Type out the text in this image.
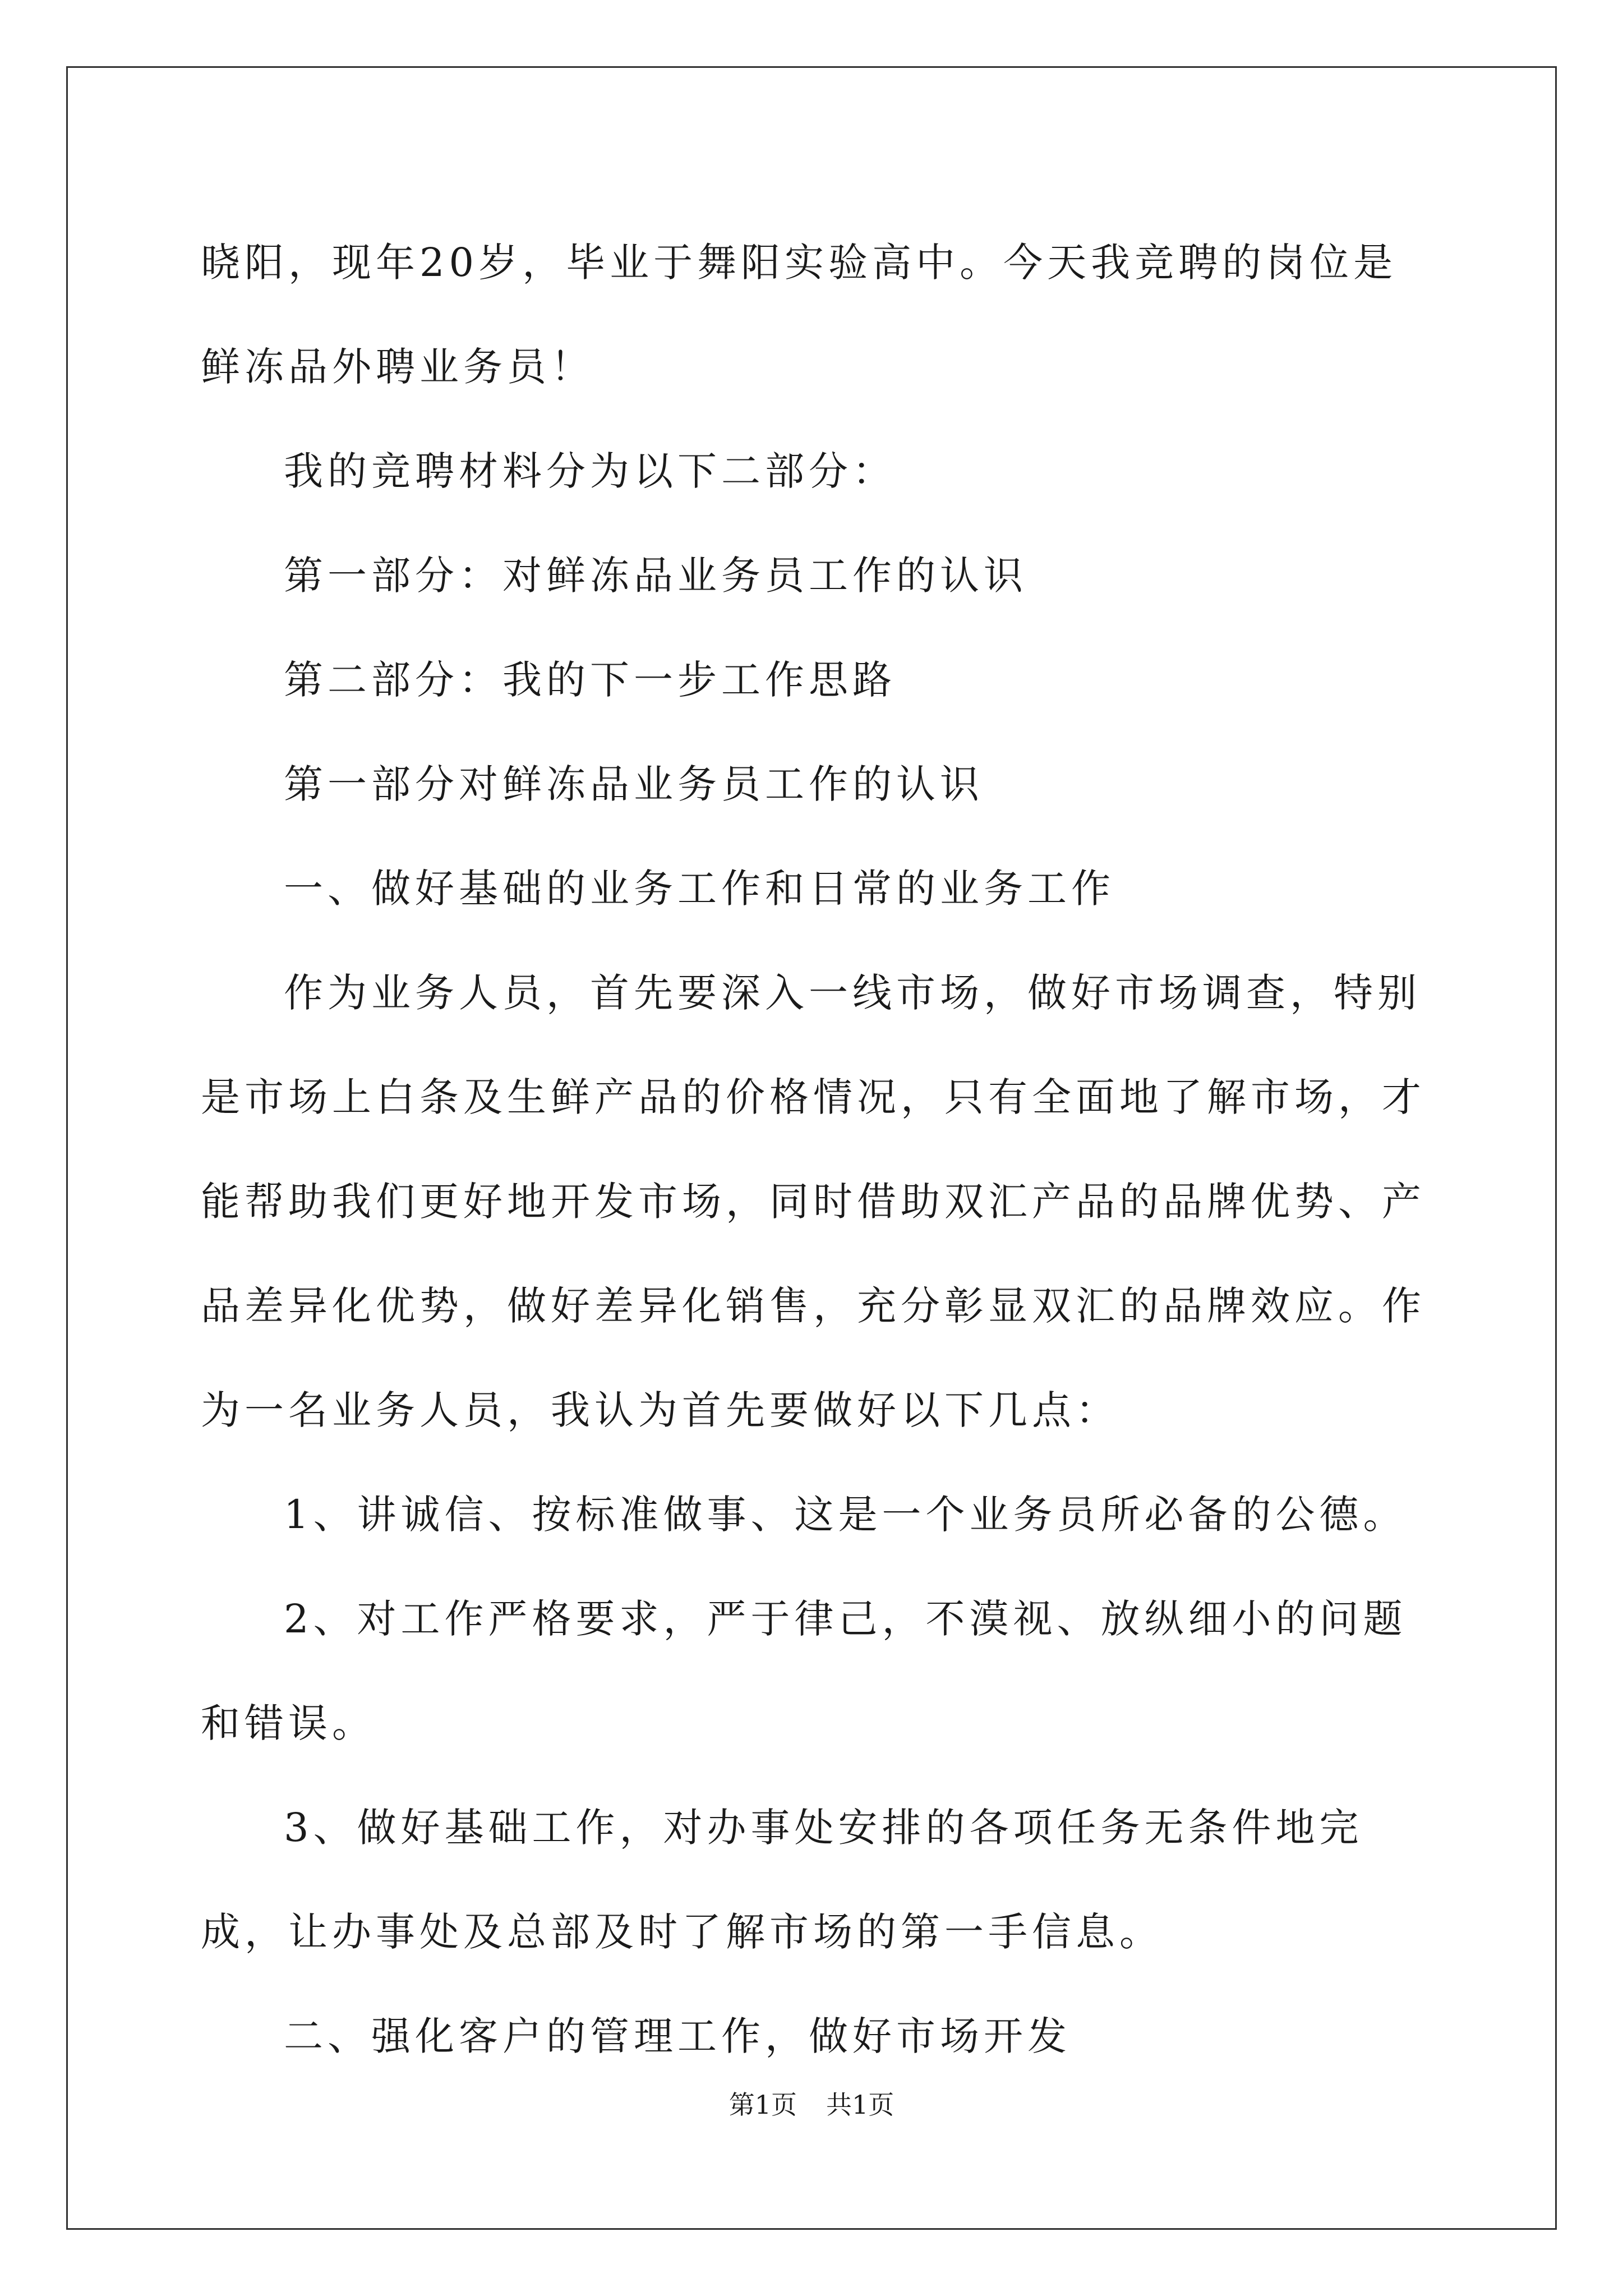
晓阳，现年20岁，毕业于舞阳实验高中。今天我竞聘的岗位是鲜冻品外聘业务员！

我的竞聘材料分为以下二部分：

第一部分：对鲜冻品业务员工作的认识

第二部分：我的下一步工作思路

第一部分对鲜冻品业务员工作的认识

一、做好基础的业务工作和日常的业务工作

作为业务人员，首先要深入一线市场，做好市场调查，特别是市场上白条及生鲜产品的价格情况，只有全面地了解市场，才能帮助我们更好地开发市场，同时借助双汇产品的品牌优势、产品差异化优势，做好差异化销售，充分彰显双汇的品牌效应。作为一名业务人员，我认为首先要做好以下几点：

1、讲诚信、按标准做事、这是一个业务员所必备的公德。

2、对工作严格要求，严于律己，不漠视、放纵细小的问题和错误。

3、做好基础工作，对办事处安排的各项任务无条件地完成，让办事处及总部及时了解市场的第一手信息。

二、强化客户的管理工作，做好市场开发

第1页 共1页
